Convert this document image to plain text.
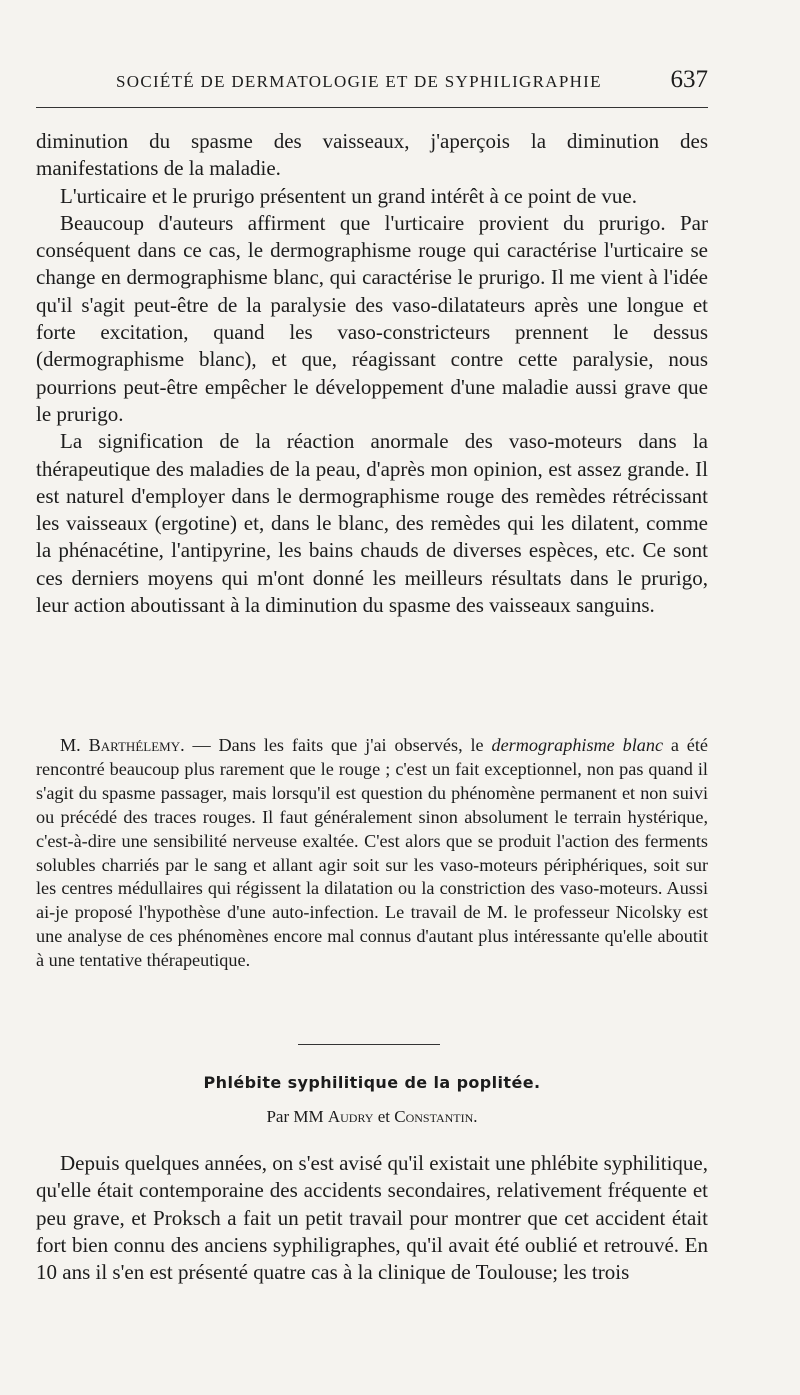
SOCIÉTÉ DE DERMATOLOGIE ET DE SYPHILIGRAPHIE	637

diminution du spasme des vaisseaux, j'aperçois la diminution des manifestations de la maladie.

L'urticaire et le prurigo présentent un grand intérêt à ce point de vue.

Beaucoup d'auteurs affirment que l'urticaire provient du prurigo. Par conséquent dans ce cas, le dermographisme rouge qui caractérise l'urticaire se change en dermographisme blanc, qui caractérise le prurigo. Il me vient à l'idée qu'il s'agit peut-être de la paralysie des vaso-dilatateurs après une longue et forte excitation, quand les vaso-constricteurs prennent le dessus (dermographisme blanc), et que, réagissant contre cette paralysie, nous pourrions peut-être empêcher le développement d'une maladie aussi grave que le prurigo.

La signification de la réaction anormale des vaso-moteurs dans la thérapeutique des maladies de la peau, d'après mon opinion, est assez grande. Il est naturel d'employer dans le dermographisme rouge des remèdes rétrécissant les vaisseaux (ergotine) et, dans le blanc, des remèdes qui les dilatent, comme la phénacétine, l'antipyrine, les bains chauds de diverses espèces, etc. Ce sont ces derniers moyens qui m'ont donné les meilleurs résultats dans le prurigo, leur action aboutissant à la diminution du spasme des vaisseaux sanguins.

M. Barthélemy. — Dans les faits que j'ai observés, le dermographisme blanc a été rencontré beaucoup plus rarement que le rouge ; c'est un fait exceptionnel, non pas quand il s'agit du spasme passager, mais lorsqu'il est question du phénomène permanent et non suivi ou précédé des traces rouges. Il faut généralement sinon absolument le terrain hystérique, c'est-à-dire une sensibilité nerveuse exaltée. C'est alors que se produit l'action des ferments solubles charriés par le sang et allant agir soit sur les vaso-moteurs périphériques, soit sur les centres médullaires qui régissent la dilatation ou la constriction des vaso-moteurs. Aussi ai-je proposé l'hypothèse d'une auto-infection. Le travail de M. le professeur Nicolsky est une analyse de ces phénomènes encore mal connus d'autant plus intéressante qu'elle aboutit à une tentative thérapeutique.

Phlébite syphilitique de la poplitée.
Par MM Audry et Constantin.

Depuis quelques années, on s'est avisé qu'il existait une phlébite syphilitique, qu'elle était contemporaine des accidents secondaires, relativement fréquente et peu grave, et Proksch a fait un petit travail pour montrer que cet accident était fort bien connu des anciens syphiligraphes, qu'il avait été oublié et retrouvé. En 10 ans il s'en est présenté quatre cas à la clinique de Toulouse; les trois
